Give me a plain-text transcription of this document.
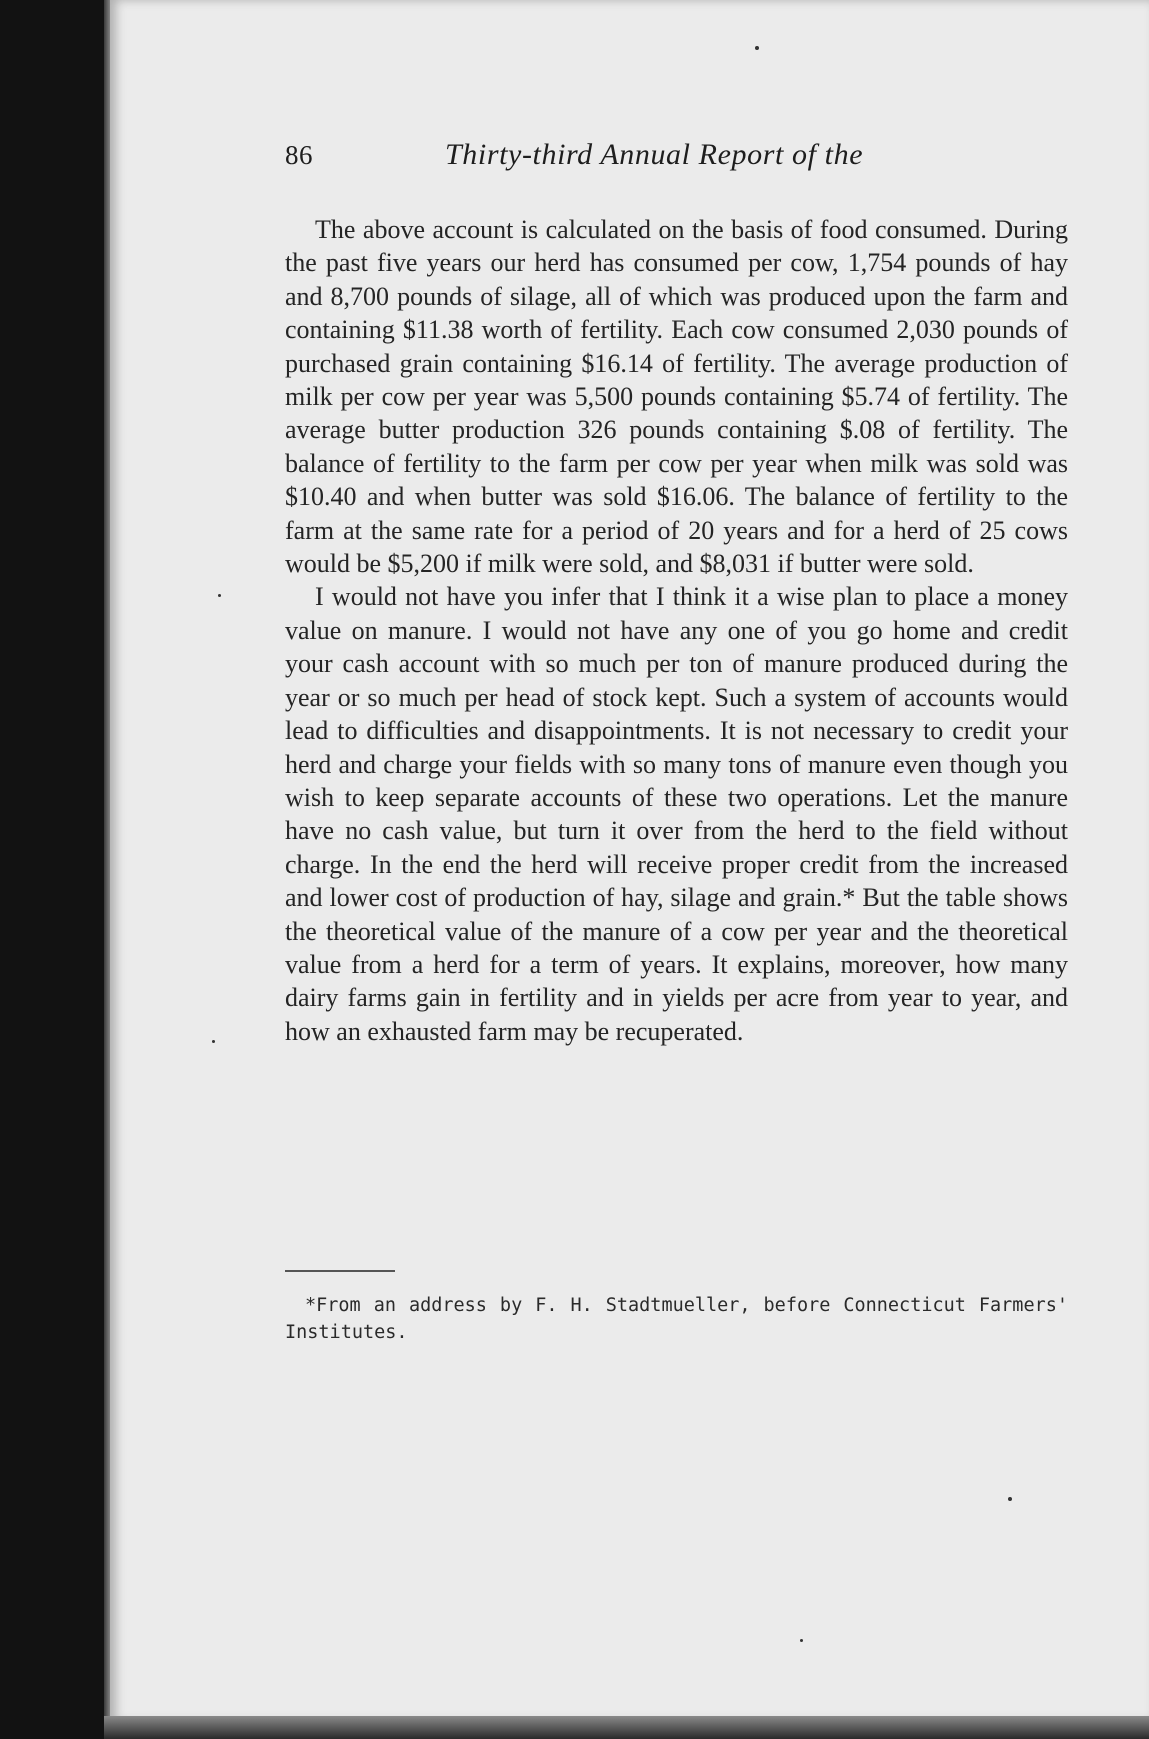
86	Thirty-third Annual Report of the

The above account is calculated on the basis of food consumed. During the past five years our herd has consumed per cow, 1,754 pounds of hay and 8,700 pounds of silage, all of which was produced upon the farm and containing $11.38 worth of fertility. Each cow consumed 2,030 pounds of purchased grain containing $16.14 of fertility. The average production of milk per cow per year was 5,500 pounds containing $5.74 of fertility. The average butter production 326 pounds containing $.08 of fertility. The balance of fertility to the farm per cow per year when milk was sold was $10.40 and when butter was sold $16.06. The balance of fertility to the farm at the same rate for a period of 20 years and for a herd of 25 cows would be $5,200 if milk were sold, and $8,031 if butter were sold.

I would not have you infer that I think it a wise plan to place a money value on manure. I would not have any one of you go home and credit your cash account with so much per ton of manure produced during the year or so much per head of stock kept. Such a system of accounts would lead to difficulties and disappointments. It is not necessary to credit your herd and charge your fields with so many tons of manure even though you wish to keep separate accounts of these two operations. Let the manure have no cash value, but turn it over from the herd to the field without charge. In the end the herd will receive proper credit from the increased and lower cost of production of hay, silage and grain.* But the table shows the theoretical value of the manure of a cow per year and the theoretical value from a herd for a term of years. It explains, moreover, how many dairy farms gain in fertility and in yields per acre from year to year, and how an exhausted farm may be recuperated.

*From an address by F. H. Stadtmueller, before Connecticut Farmers' Institutes.
